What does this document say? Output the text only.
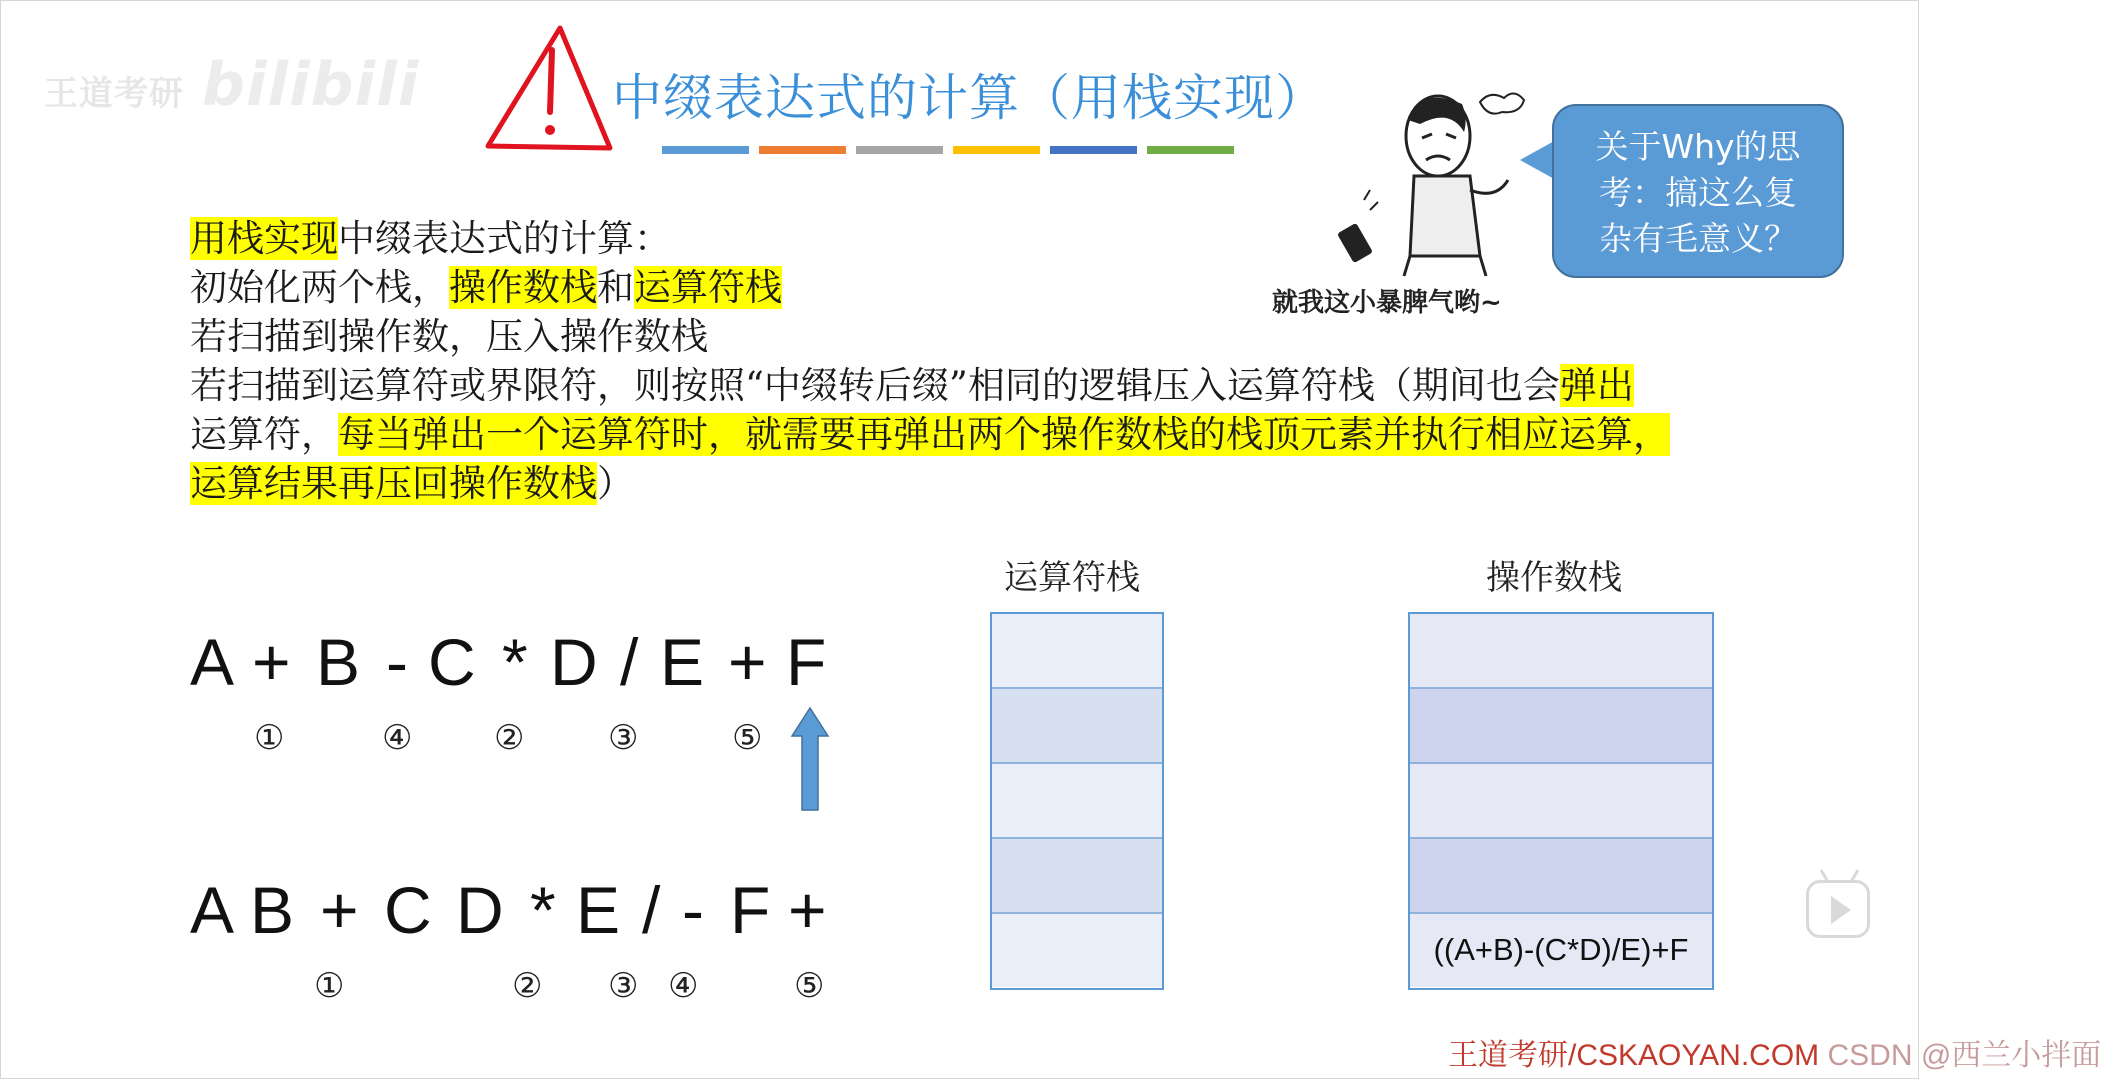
王道考研 bilibili	中缀表达式的计算（用栈实现）
就我这小暴脾气哟~
关于Why的思
考：搞这么复
杂有毛意义？
用栈实现中缀表达式的计算：
初始化两个栈，操作数栈和运算符栈
若扫描到操作数，压入操作数栈
若扫描到运算符或界限符，则按照“中缀转后缀”相同的逻辑压入运算符栈（期间也会弹出
运算符，每当弹出一个运算符时，就需要再弹出两个操作数栈的栈顶元素并执行相应运算，
运算结果再压回操作数栈）
A + B - C * D / E + F
①	④ ② ③	⑤
A B + C D * E / - F +
①	② ③ ④	⑤
运算符栈	操作数栈
((A+B)-(C*D)/E)+F
王道考研/CSKAOYAN.COM CSDN @西兰小拌面
